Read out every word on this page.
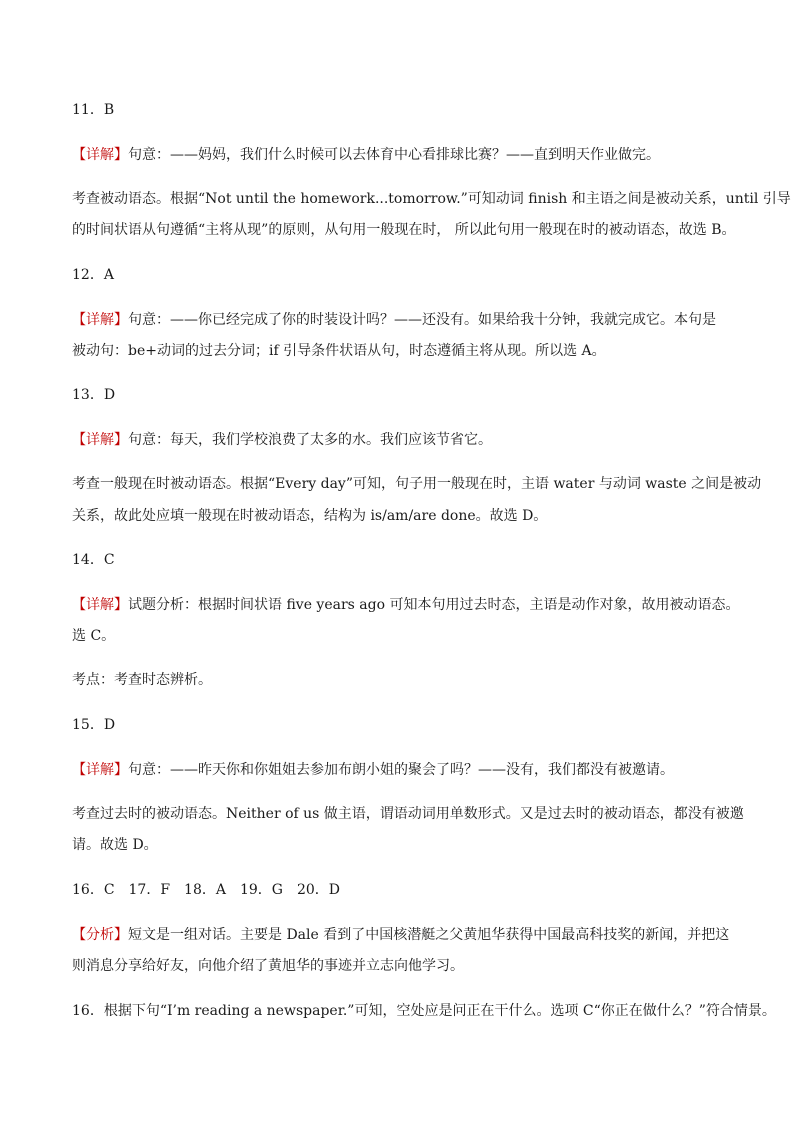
11．B
【详解】句意：——妈妈，我们什么时候可以去体育中心看排球比赛？——直到明天作业做完。
考查被动语态。根据“Not until the homework...tomorrow.”可知动词 finish 和主语之间是被动关系，until 引导
的时间状语从句遵循“主将从现”的原则，从句用一般现在时， 所以此句用一般现在时的被动语态，故选 B。
12．A
【详解】句意：——你已经完成了你的时装设计吗？——还没有。如果给我十分钟，我就完成它。本句是
被动句：be+动词的过去分词；if 引导条件状语从句，时态遵循主将从现。所以选 A。
13．D
【详解】句意：每天，我们学校浪费了太多的水。我们应该节省它。
考查一般现在时被动语态。根据“Every day”可知，句子用一般现在时，主语 water 与动词 waste 之间是被动
关系，故此处应填一般现在时被动语态，结构为 is/am/are done。故选 D。
14．C
【详解】试题分析：根据时间状语 five years ago 可知本句用过去时态，主语是动作对象，故用被动语态。
选 C。
考点：考查时态辨析。
15．D
【详解】句意：——昨天你和你姐姐去参加布朗小姐的聚会了吗？——没有，我们都没有被邀请。
考查过去时的被动语态。Neither of us 做主语，谓语动词用单数形式。又是过去时的被动语态，都没有被邀
请。故选 D。
16．C　17．F　18．A　19．G　20．D
【分析】短文是一组对话。主要是 Dale 看到了中国核潜艇之父黄旭华获得中国最高科技奖的新闻，并把这
则消息分享给好友，向他介绍了黄旭华的事迹并立志向他学习。
16．根据下句“I’m reading a newspaper.”可知，空处应是问正在干什么。选项 C“你正在做什么？”符合情景。
